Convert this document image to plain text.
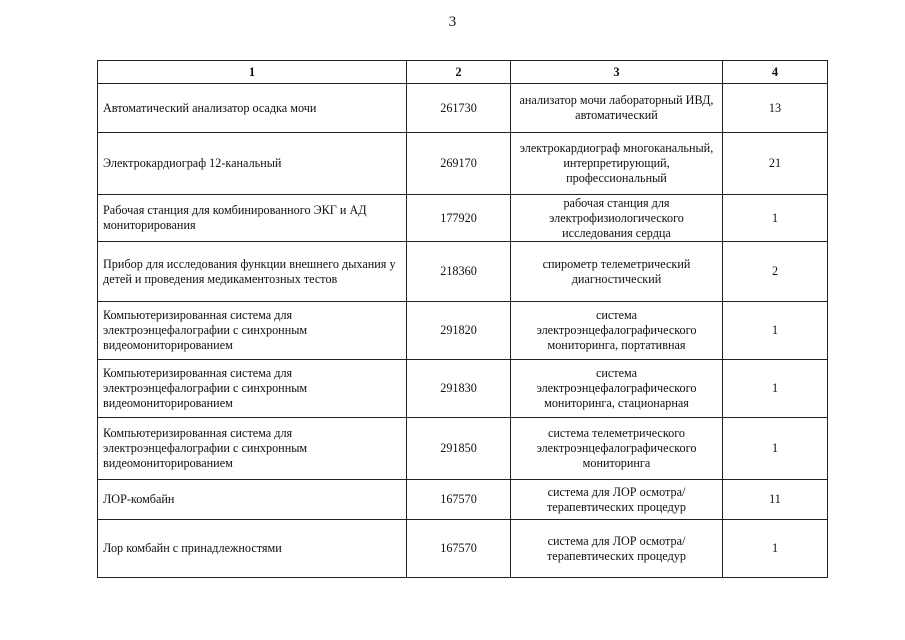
3
1	2	3	4
Автоматический анализатор осадка мочи	261730	анализатор мочи лабораторный ИВД, автоматический	13
Электрокардиограф 12-канальный	269170	электрокардиограф многоканальный, интерпретирующий, профессиональный	21
Рабочая станция для комбинированного ЭКГ и АД мониторирования	177920	рабочая станция для электрофизиологического исследования сердца	1
Прибор для исследования функции внешнего дыхания у детей и проведения медикаментозных тестов	218360	спирометр телеметрический диагностический	2
Компьютеризированная система для электроэнцефалографии с синхронным видеомониторированием	291820	система электроэнцефалографического мониторинга, портативная	1
Компьютеризированная система для электроэнцефалографии с синхронным видеомониторированием	291830	система электроэнцефалографического мониторинга, стационарная	1
Компьютеризированная система для электроэнцефалографии с синхронным видеомониторированием	291850	система телеметрического электроэнцефалографического мониторинга	1
ЛОР-комбайн	167570	система для ЛОР осмотра/терапевтических процедур	11
Лор комбайн с принадлежностями	167570	система для ЛОР осмотра/терапевтических процедур	1
